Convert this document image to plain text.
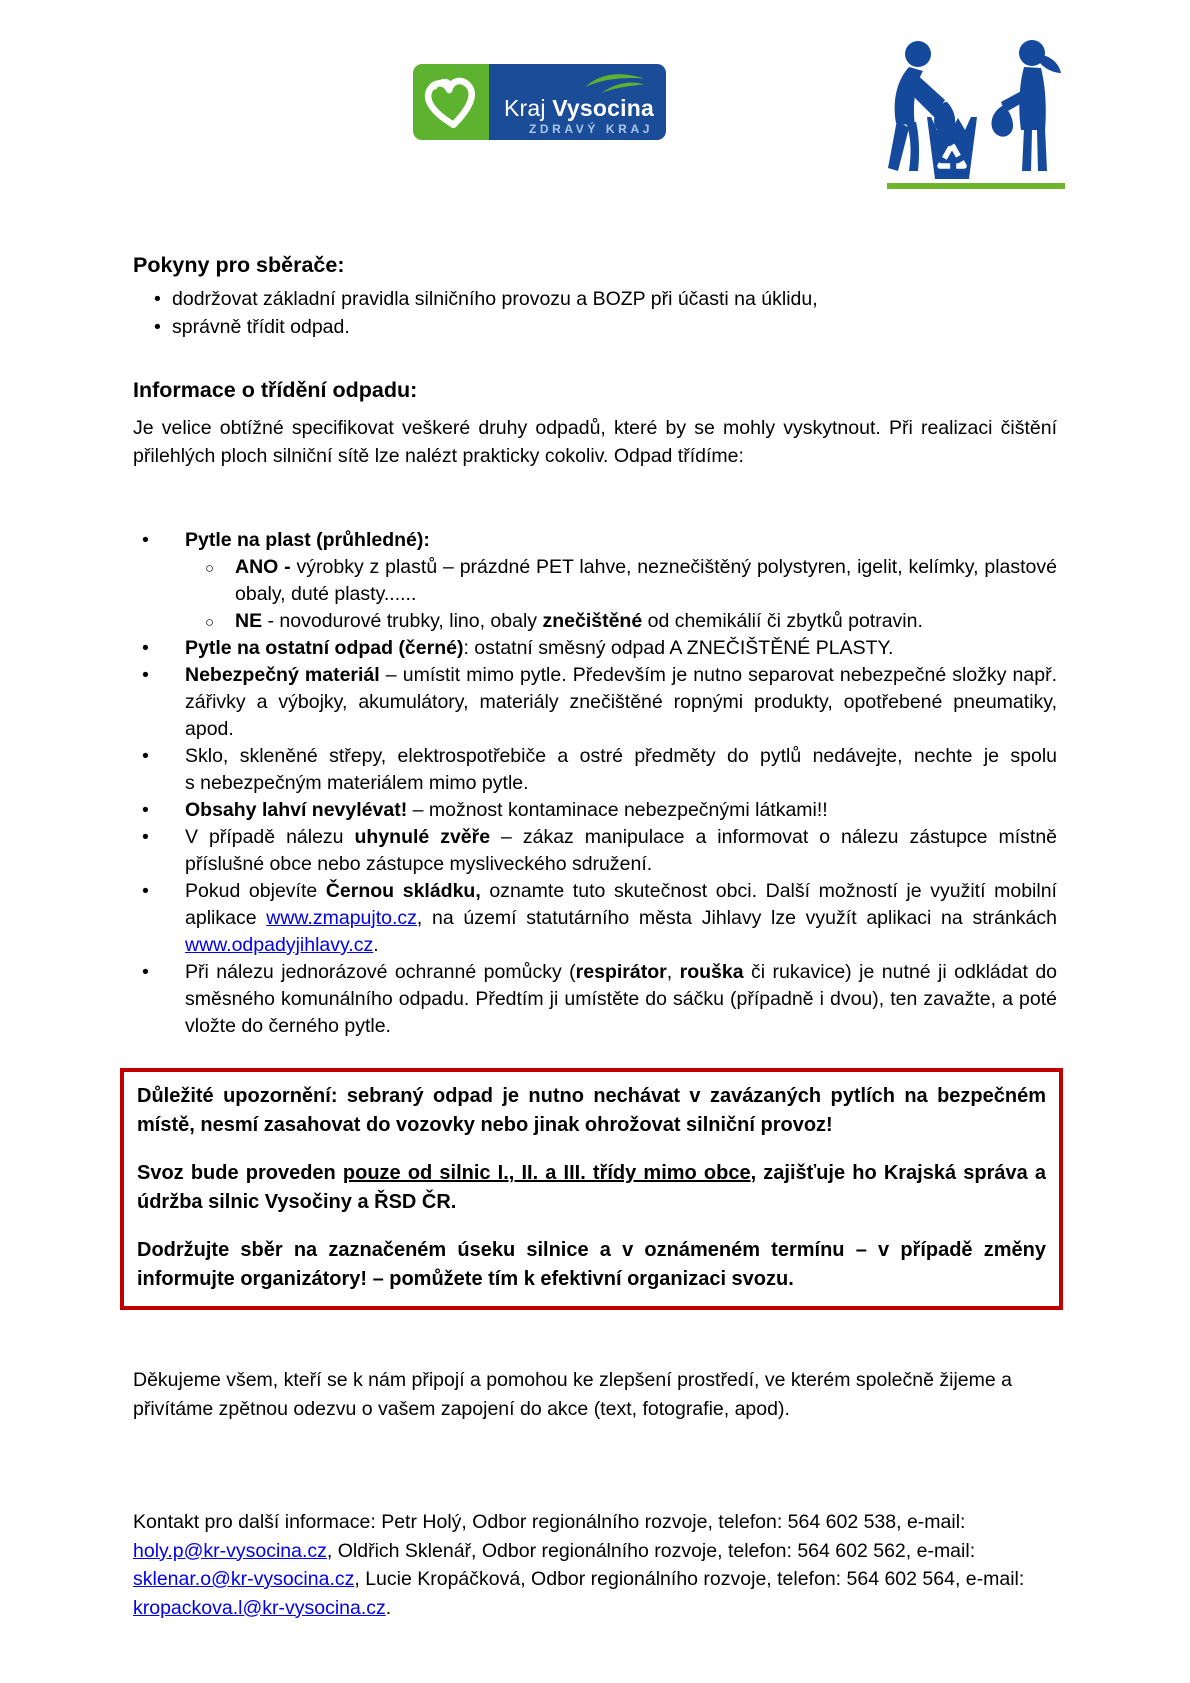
Kraj Vysocina
ZDRAVÝ KRAJ
Pokyny pro sběrače:
• dodržovat základní pravidla silničního provozu a BOZP při účasti na úklidu,
• správně třídit odpad.
Informace o třídění odpadu:

Je velice obtížné specifikovat veškeré druhy odpadů, které by se mohly vyskytnout. Při realizaci čištění přilehlých ploch silniční sítě lze nalézt prakticky cokoliv. Odpad třídíme:

• Pytle na plast (průhledné):
○ ANO - výrobky z plastů – prázdné PET lahve, neznečištěný polystyren, igelit, kelímky, plastové obaly, duté plasty......
○ NE - novodurové trubky, lino, obaly znečištěné od chemikálií či zbytků potravin.
• Pytle na ostatní odpad (černé): ostatní směsný odpad A ZNEČIŠTĚNÉ PLASTY.
• Nebezpečný materiál – umístit mimo pytle. Především je nutno separovat nebezpečné složky např. zářivky a výbojky, akumulátory, materiály znečištěné ropnými produkty, opotřebené pneumatiky, apod.
• Sklo, skleněné střepy, elektrospotřebiče a ostré předměty do pytlů nedávejte, nechte je spolu s nebezpečným materiálem mimo pytle.
• Obsahy lahví nevylévat! – možnost kontaminace nebezpečnými látkami!!
• V případě nálezu uhynulé zvěře – zákaz manipulace a informovat o nálezu zástupce místně příslušné obce nebo zástupce mysliveckého sdružení.
• Pokud objevíte Černou skládku, oznamte tuto skutečnost obci. Další možností je využití mobilní aplikace www.zmapujto.cz, na území statutárního města Jihlavy lze využít aplikaci na stránkách www.odpadyjihlavy.cz.
• Při nálezu jednorázové ochranné pomůcky (respirátor, rouška či rukavice) je nutné ji odkládat do směsného komunálního odpadu. Předtím ji umístěte do sáčku (případně i dvou), ten zavažte, a poté vložte do černého pytle.

Důležité upozornění: sebraný odpad je nutno nechávat v zavázaných pytlích na bezpečném místě, nesmí zasahovat do vozovky nebo jinak ohrožovat silniční provoz!

Svoz bude proveden pouze od silnic I., II. a III. třídy mimo obce, zajišťuje ho Krajská správa a údržba silnic Vysočiny a ŘSD ČR.

Dodržujte sběr na zaznačeném úseku silnice a v oznámeném termínu – v případě změny informujte organizátory! – pomůžete tím k efektivní organizaci svozu.

Děkujeme všem, kteří se k nám připojí a pomohou ke zlepšení prostředí, ve kterém společně žijeme a přivítáme zpětnou odezvu o vašem zapojení do akce (text, fotografie, apod).

Kontakt pro další informace: Petr Holý, Odbor regionálního rozvoje, telefon: 564 602 538, e-mail: holy.p@kr-vysocina.cz, Oldřich Sklenář, Odbor regionálního rozvoje, telefon: 564 602 562, e-mail: sklenar.o@kr-vysocina.cz, Lucie Kropáčková, Odbor regionálního rozvoje, telefon: 564 602 564, e-mail: kropackova.l@kr-vysocina.cz.
